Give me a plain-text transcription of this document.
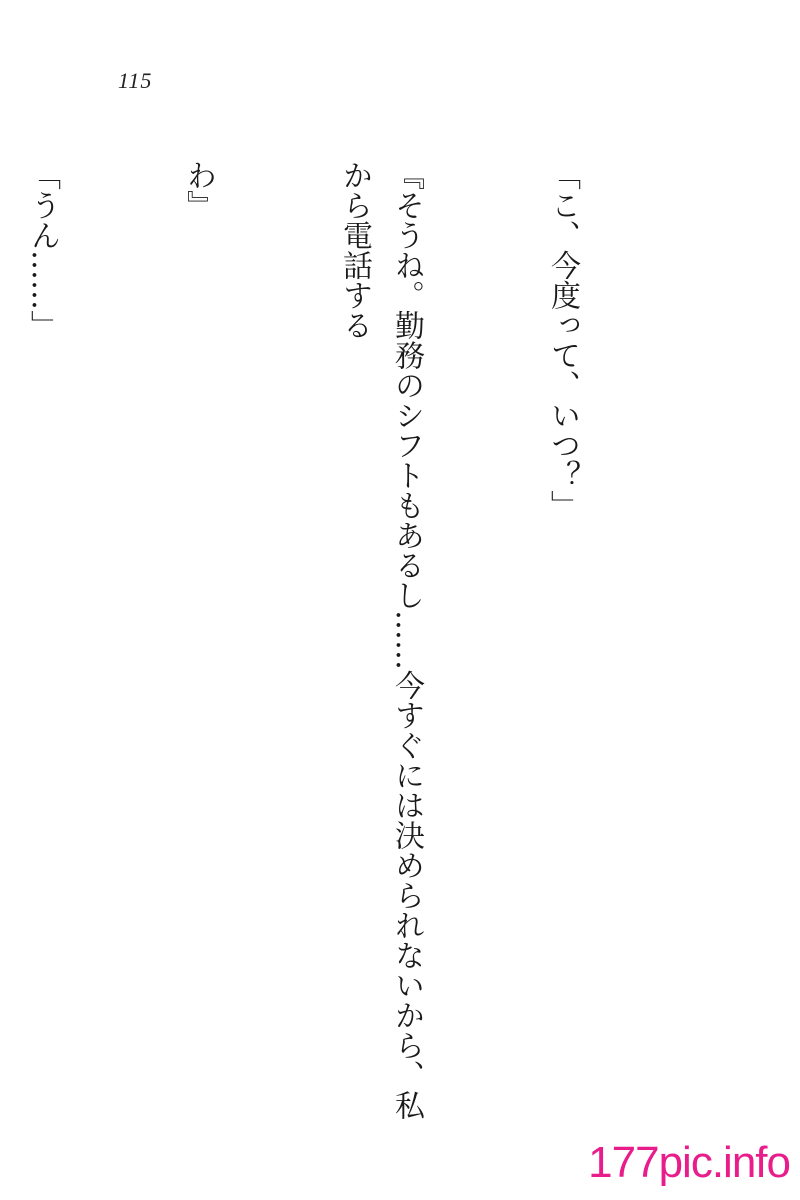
115

「こ、今度って、いつ？」

『そうね。勤務のシフトもあるし……今すぐには決められないから、私から電話する

わ』

「うん……」

177pic.info
